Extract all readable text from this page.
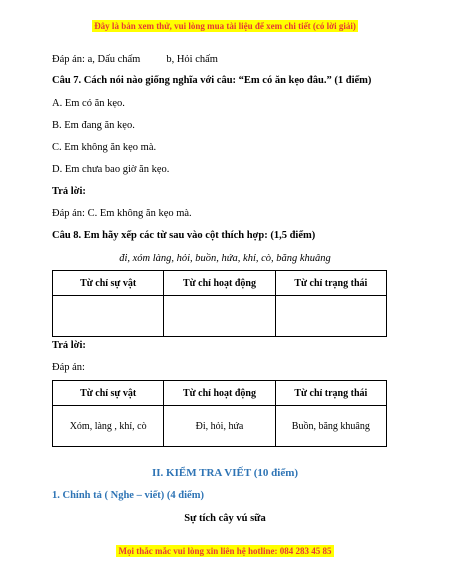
Đây là bản xem thử, vui lòng mua tài liệu để xem chi tiết (có lời giải)
Đáp án: a, Dấu chấm b, Hỏi chấm
Câu 7. Cách nói nào giống nghĩa với câu: “Em có ăn kẹo đâu.” (1 điểm)
A. Em có ăn kẹo.
B. Em đang ăn kẹo.
C. Em không ăn kẹo mà.
D. Em chưa bao giờ ăn kẹo.
Trả lời:
Đáp án: C. Em không ăn kẹo mà.
Câu 8. Em hãy xếp các từ sau vào cột thích hợp: (1,5 điểm)
đi, xóm làng, hỏi, buồn, hứa, khỉ, cò, băng khuâng
Từ chỉ sự vật	Từ chỉ hoạt động	Từ chỉ trạng thái

Trả lời:
Đáp án:
Từ chỉ sự vật	Từ chỉ hoạt động	Từ chỉ trạng thái
Xóm, làng , khỉ, cò	Đi, hỏi, hứa	Buồn, băng khuâng
II. KIỂM TRA VIẾT (10 điểm)
1. Chính tả ( Nghe – viết) (4 điểm)
Sự tích cây vú sữa
Mọi thắc mắc vui lòng xin liên hệ hotline: 084 283 45 85
